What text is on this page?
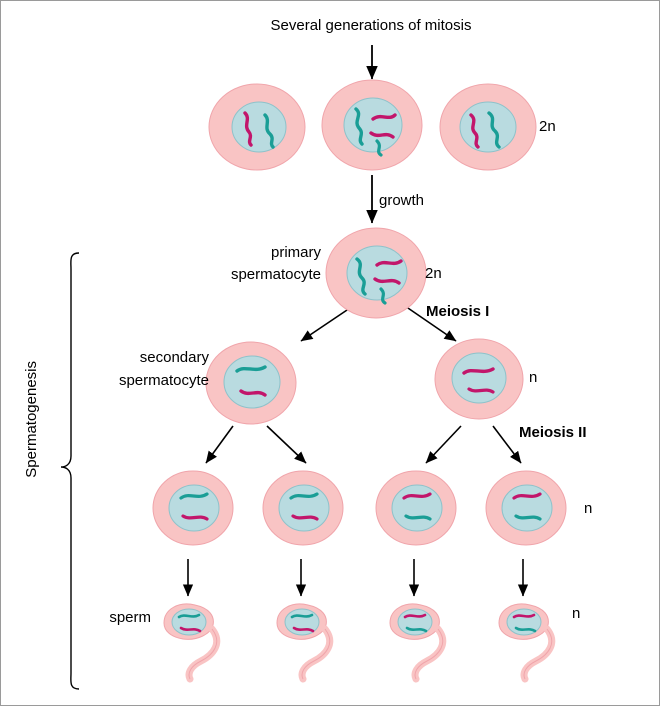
Several generations of mitosis
growth
2n
primary
spermatocyte	2n
Meiosis I
secondary
spermatocyte	n
Meiosis II
n
sperm	n
Spermatogenesis
